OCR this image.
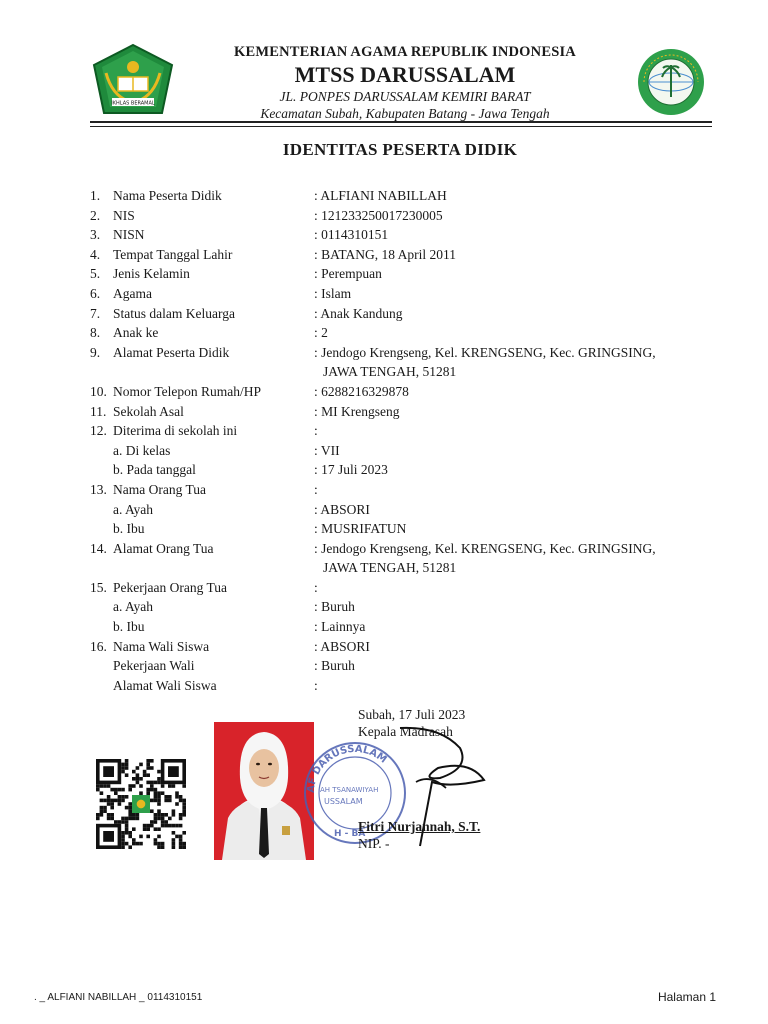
IKHLAS BERAMAL
KEMENTERIAN AGAMA REPUBLIK INDONESIA
MTSS DARUSSALAM
JL. PONPES DARUSSALAM KEMIRI BARAT
Kecamatan Subah, Kabupaten Batang - Jawa Tengah
IDENTITAS PESERTA DIDIK
1. Nama Peserta Didik	: ALFIANI NABILLAH
2. NIS	: 121233250017230005
3. NISN	: 0114310151
4. Tempat Tanggal Lahir	: BATANG, 18 April 2011
5. Jenis Kelamin	: Perempuan
6. Agama	: Islam
7. Status dalam Keluarga	: Anak Kandung
8. Anak ke	: 2
9. Alamat Peserta Didik	: Jendogo Krengseng, Kel. KRENGSENG, Kec. GRINGSING,
JAWA TENGAH, 51281
10. Nomor Telepon Rumah/HP	: 6288216329878
11. Sekolah Asal	: MI Krengseng
12. Diterima di sekolah ini	:
a. Di kelas	: VII
b. Pada tanggal	: 17 Juli 2023
13. Nama Orang Tua	:
a. Ayah	: ABSORI
b. Ibu	: MUSRIFATUN
14. Alamat Orang Tua	: Jendogo Krengseng, Kel. KRENGSENG, Kec. GRINGSING,
JAWA TENGAH, 51281
15. Pekerjaan Orang Tua	:
a. Ayah	: Buruh
b. Ibu	: Lainnya
16. Nama Wali Siswa	: ABSORI
Pekerjaan Wali	: Buruh
Alamat Wali Siswa	:
AF DARUSSALAM
AH TSANAWIYAH
USSALAM
H - BA
Subah, 17 Juli 2023
Kepala Madrasah
Fitri Nurjannah, S.T.
NIP. -
. _ ALFIANI NABILLAH _ 0114310151	Halaman 1
